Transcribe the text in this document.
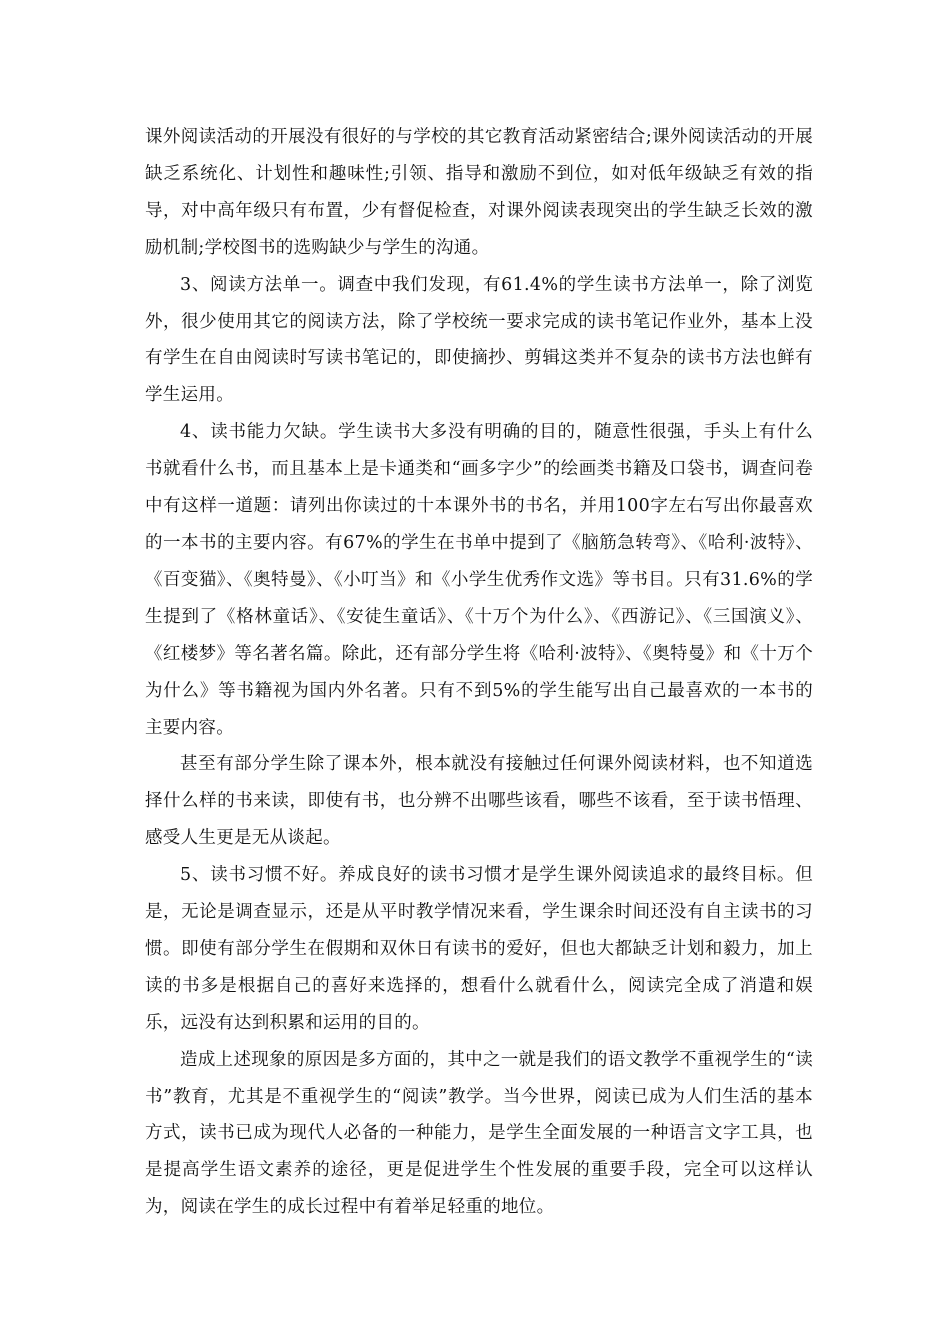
课外阅读活动的开展没有很好的与学校的其它教育活动紧密结合;课外阅读活动的开展缺乏系统化、计划性和趣味性;引领、指导和激励不到位，如对低年级缺乏有效的指导，对中高年级只有布置，少有督促检查，对课外阅读表现突出的学生缺乏长效的激励机制;学校图书的选购缺少与学生的沟通。

3、阅读方法单一。调查中我们发现，有61.4%的学生读书方法单一，除了浏览外，很少使用其它的阅读方法，除了学校统一要求完成的读书笔记作业外，基本上没有学生在自由阅读时写读书笔记的，即使摘抄、剪辑这类并不复杂的读书方法也鲜有学生运用。

4、读书能力欠缺。学生读书大多没有明确的目的，随意性很强，手头上有什么书就看什么书，而且基本上是卡通类和“画多字少”的绘画类书籍及口袋书，调查问卷中有这样一道题：请列出你读过的十本课外书的书名，并用100字左右写出你最喜欢的一本书的主要内容。有67%的学生在书单中提到了《脑筋急转弯》、《哈利·波特》、《百变猫》、《奥特曼》、《小叮当》和《小学生优秀作文选》等书目。只有31.6%的学生提到了《格林童话》、《安徒生童话》、《十万个为什么》、《西游记》、《三国演义》、《红楼梦》等名著名篇。除此，还有部分学生将《哈利·波特》、《奥特曼》和《十万个为什么》等书籍视为国内外名著。只有不到5%的学生能写出自己最喜欢的一本书的主要内容。

甚至有部分学生除了课本外，根本就没有接触过任何课外阅读材料，也不知道选择什么样的书来读，即使有书，也分辨不出哪些该看，哪些不该看，至于读书悟理、感受人生更是无从谈起。

5、读书习惯不好。养成良好的读书习惯才是学生课外阅读追求的最终目标。但是，无论是调查显示，还是从平时教学情况来看，学生课余时间还没有自主读书的习惯。即使有部分学生在假期和双休日有读书的爱好，但也大都缺乏计划和毅力，加上读的书多是根据自己的喜好来选择的，想看什么就看什么，阅读完全成了消遣和娱乐，远没有达到积累和运用的目的。

造成上述现象的原因是多方面的，其中之一就是我们的语文教学不重视学生的“读书”教育，尤其是不重视学生的“阅读”教学。当今世界，阅读已成为人们生活的基本方式，读书已成为现代人必备的一种能力，是学生全面发展的一种语言文字工具，也是提高学生语文素养的途径，更是促进学生个性发展的重要手段，完全可以这样认为，阅读在学生的成长过程中有着举足轻重的地位。
